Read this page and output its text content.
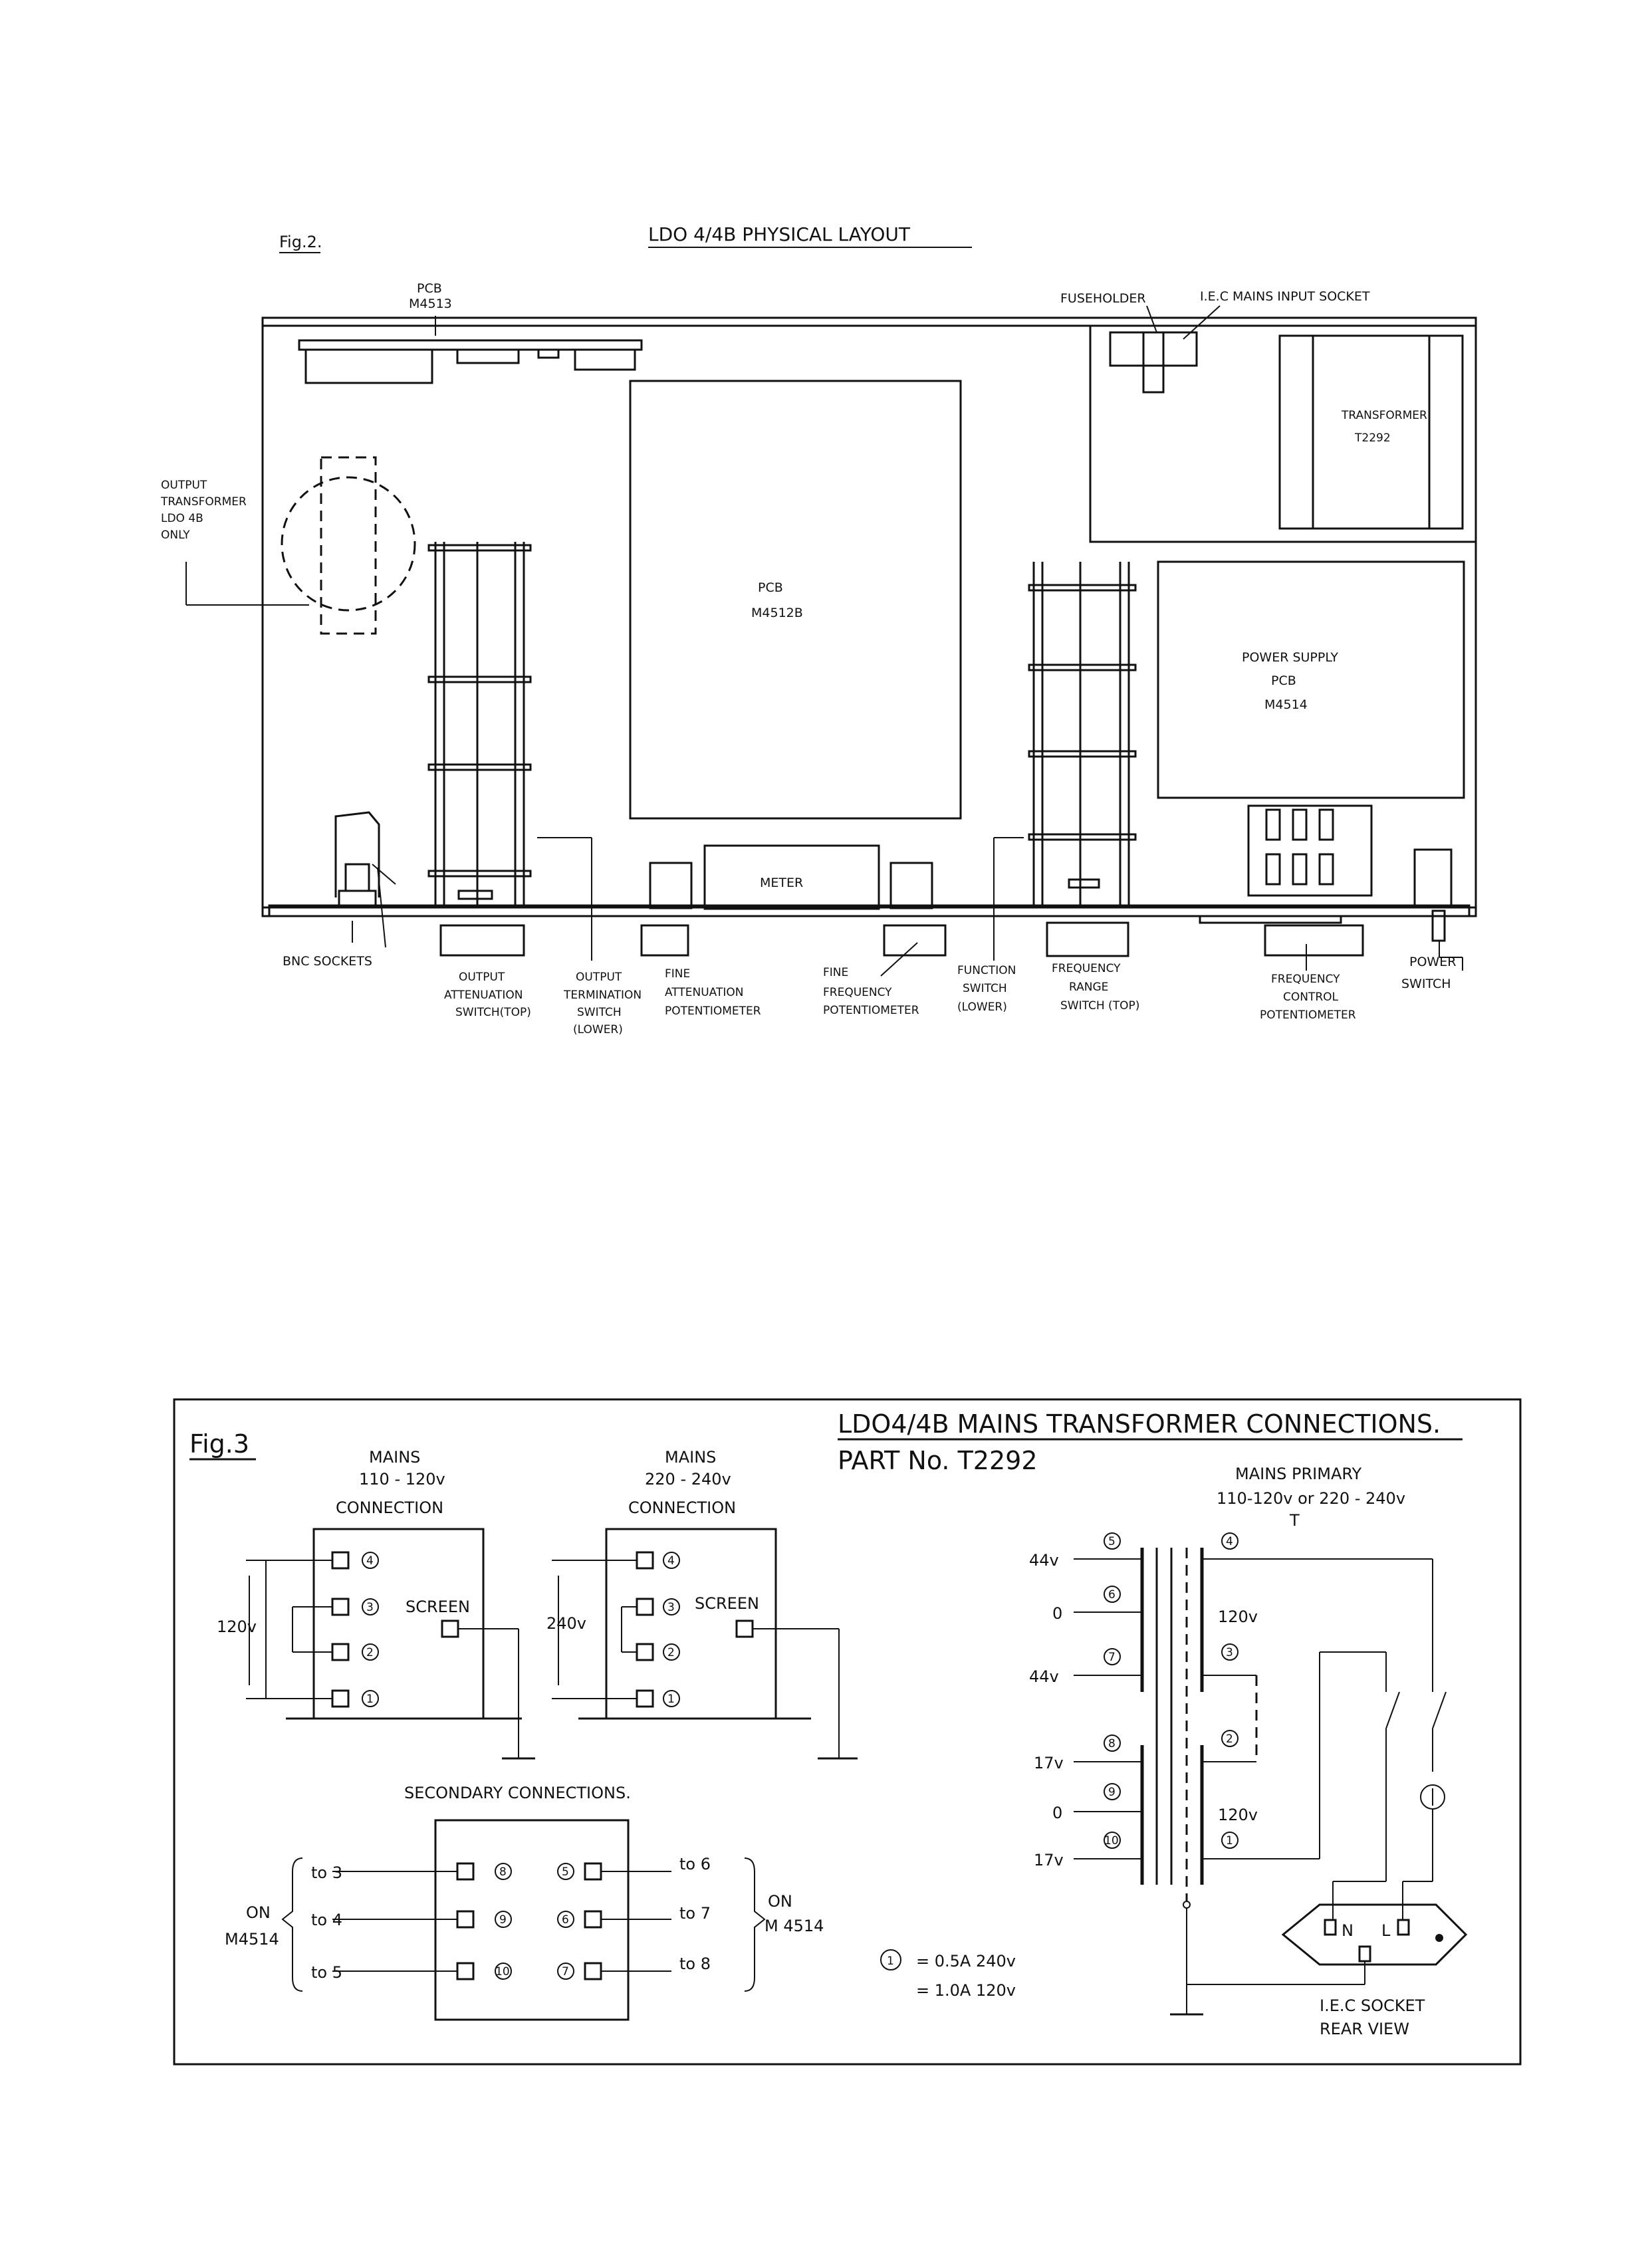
Fig.2.	LDO 4/4B PHYSICAL LAYOUT
PCB
M4513
PCB
M4512B
FUSEHOLDER	I.E.C MAINS INPUT SOCKET
TRANSFORMER
T2292
POWER SUPPLY
PCB
M4514
OUTPUT
TRANSFORMER
LDO 4B
ONLY
METER
BNC SOCKETS
OUTPUT
ATTENUATION
SWITCH(TOP)
OUTPUT
TERMINATION
SWITCH
(LOWER)
FINE
ATTENUATION
POTENTIOMETER
FINE
FREQUENCY
POTENTIOMETER
FUNCTION
SWITCH
(LOWER)
FREQUENCY
RANGE
SWITCH (TOP)
FREQUENCY
CONTROL
POTENTIOMETER
POWER
SWITCH
Fig.3
LDO4/4B MAINS TRANSFORMER CONNECTIONS.
PART No. T2292
MAINS
110 - 120v
CONNECTION
4
3
2
1
120v
SCREEN
MAINS
220 - 240v
CONNECTION
4
3
2
1
240v
SCREEN
SECONDARY CONNECTIONS.
8
9
10
5
6
7
to 3
to 4
to 5
to 6
to 7
to 8
ON
M4514
ON
M 4514
1 = 0.5A 240v
= 1.0A 120v
MAINS PRIMARY
110-120v or 220 - 240v
T
44v
0
44v
17v
0
17v
5
6
7
8
9
10
4
3
2
1
120v
120v
N L
I.E.C SOCKET
REAR VIEW
